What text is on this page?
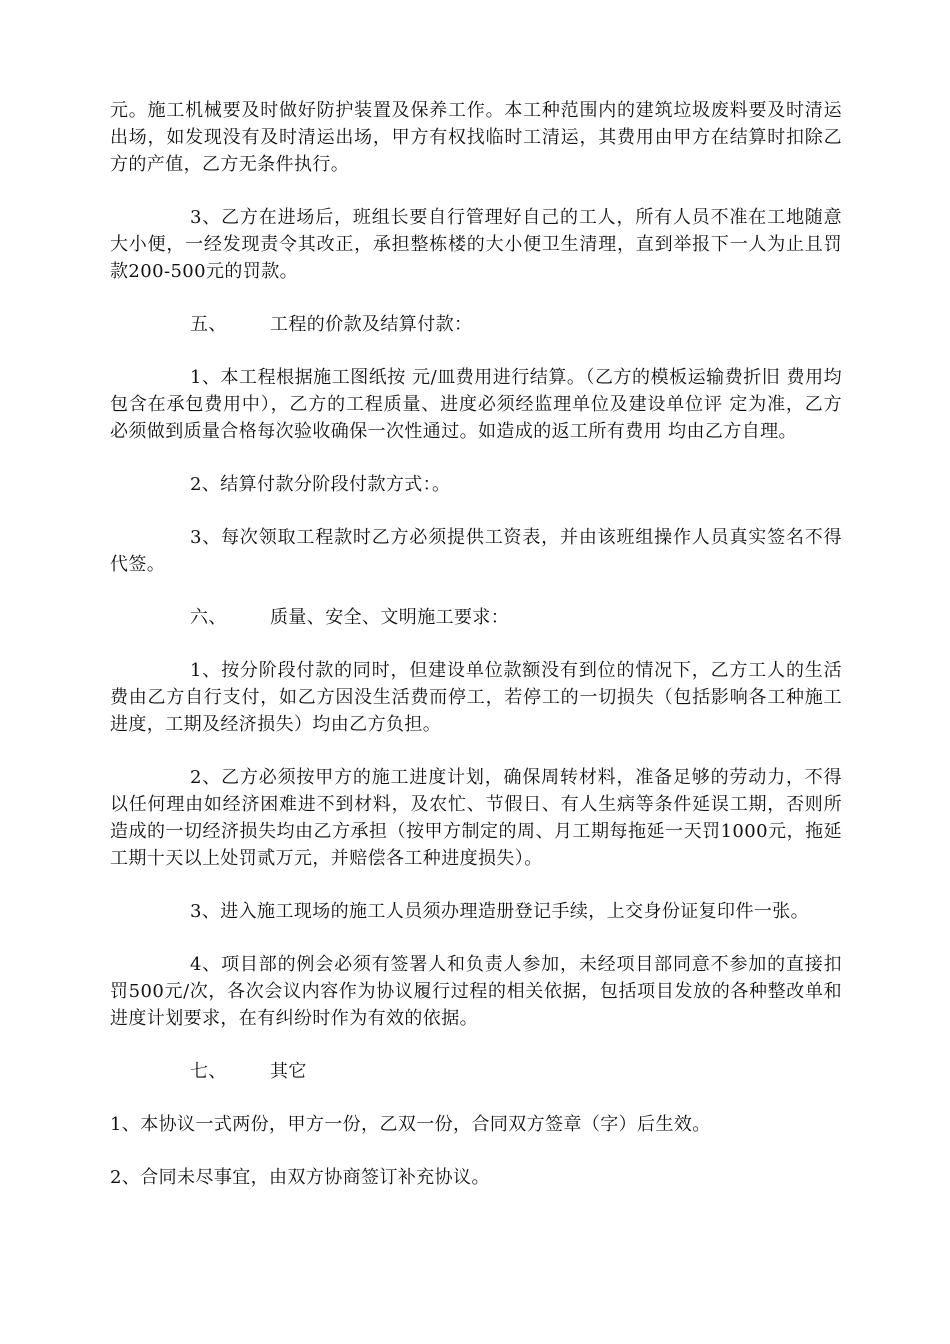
元。施工机械要及时做好防护装置及保养工作。本工种范围内的建筑垃圾废料要及时清运出场，如发现没有及时清运出场，甲方有权找临时工清运，其费用由甲方在结算时扣除乙方的产值，乙方无条件执行。

3、乙方在进场后，班组长要自行管理好自己的工人，所有人员不准在工地随意大小便，一经发现责令其改正，承担整栋楼的大小便卫生清理，直到举报下一人为止且罚款200-500元的罚款。

五、 工程的价款及结算付款：

1、本工程根据施工图纸按 元/皿费用进行结算。（乙方的模板运输费折旧 费用均包含在承包费用中），乙方的工程质量、进度必须经监理单位及建设单位评 定为准，乙方必须做到质量合格每次验收确保一次性通过。如造成的返工所有费用 均由乙方自理。

2、结算付款分阶段付款方式：。

3、每次领取工程款时乙方必须提供工资表，并由该班组操作人员真实签名不得代签。

六、 质量、安全、文明施工要求：

1、按分阶段付款的同时，但建设单位款额没有到位的情况下，乙方工人的生活费由乙方自行支付，如乙方因没生活费而停工，若停工的一切损失（包括影响各工种施工进度，工期及经济损失）均由乙方负担。

2、乙方必须按甲方的施工进度计划，确保周转材料，准备足够的劳动力，不得以任何理由如经济困难进不到材料，及农忙、节假日、有人生病等条件延误工期，否则所造成的一切经济损失均由乙方承担（按甲方制定的周、月工期每拖延一天罚1000元，拖延工期十天以上处罚贰万元，并赔偿各工种进度损失）。

3、进入施工现场的施工人员须办理造册登记手续，上交身份证复印件一张。

4、项目部的例会必须有签署人和负责人参加，未经项目部同意不参加的直接扣罚500元/次，各次会议内容作为协议履行过程的相关依据，包括项目发放的各种整改单和进度计划要求，在有纠纷时作为有效的依据。

七、 其它

1、本协议一式两份，甲方一份，乙双一份，合同双方签章（字）后生效。

2、合同未尽事宜，由双方协商签订补充协议。
